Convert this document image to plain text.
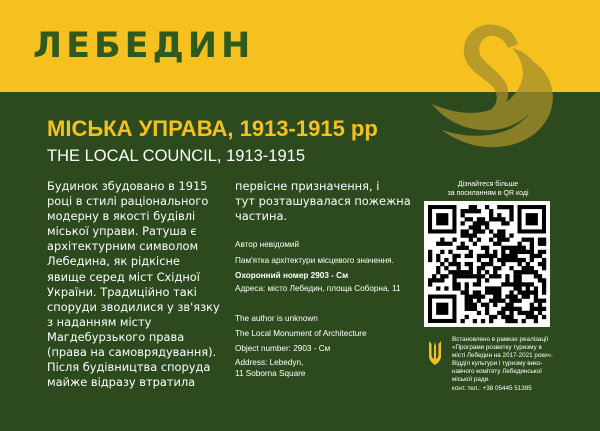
ЛЕБЕДИН
МІСЬКА УПРАВА, 1913-1915 рр
THE LOCAL COUNCIL, 1913-1915
Будинок збудовано в 1915
році в стилі раціонального
модерну в якості будівлі
міської управи. Ратуша є
архітектурним символом
Лебедина, як рідкісне
явище серед міст Східної
України. Традиційно такі
споруди зводилися у зв'язку
з наданням місту
Магдебурзького права
(права на самоврядування).
Після будівництва споруда
майже відразу втратила
первісне призначення, і
тут розташувалася пожежна
частина.
Автор невідомий
Пам'ятка архітектури місцевого значення.
Охоронний номер 2903 - См
Адреса: місто Лебедин, площа Соборна, 11
The author is unknown
The Local Monument of Architecture
Object number: 2903 - Cм
Address: Lebedyn,
11 Soborna Square
Дізнайтеся більше
за посиланням в QR коді
Встановлено в рамках реалізації
«Програми розвитку туризму в
місті Лебедин на 2017-2021 роки».
Відділ культури і туризму вико-
навчого комітету Лебединської
міської ради.
конт. тел.: +38 05445 51395
